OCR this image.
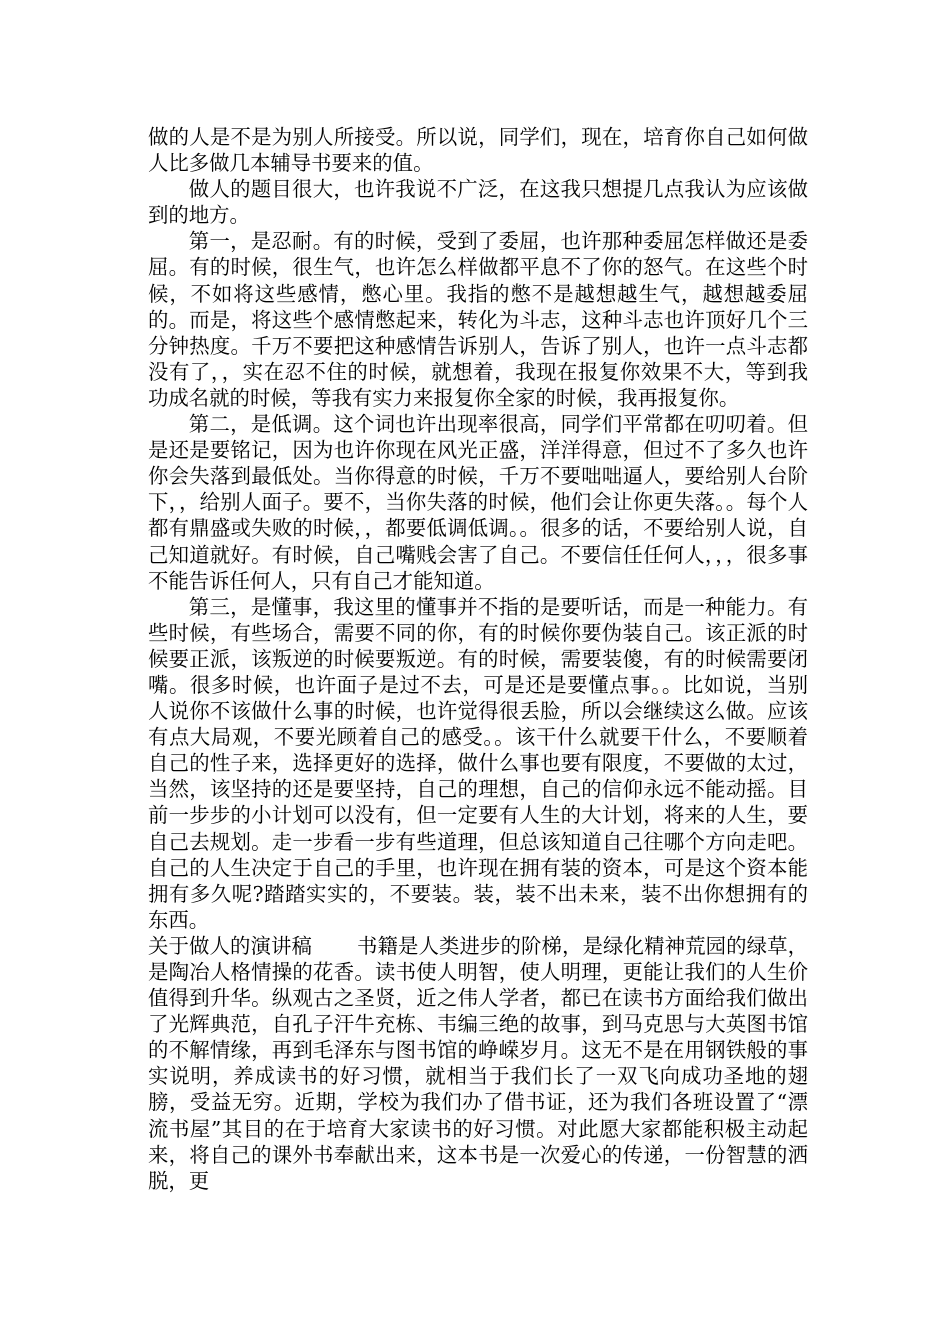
做的人是不是为别人所接受。所以说，同学们，现在，培育你自己如何做人比多做几本辅导书要来的值。

做人的题目很大，也许我说不广泛，在这我只想提几点我认为应该做到的地方。

第一，是忍耐。有的时候，受到了委屈，也许那种委屈怎样做还是委屈。有的时候，很生气，也许怎么样做都平息不了你的怒气。在这些个时候，不如将这些感情，憋心里。我指的憋不是越想越生气，越想越委屈的。而是，将这些个感情憋起来，转化为斗志，这种斗志也许顶好几个三分钟热度。千万不要把这种感情告诉别人，告诉了别人，也许一点斗志都没有了，，实在忍不住的时候，就想着，我现在报复你效果不大，等到我功成名就的时候，等我有实力来报复你全家的时候，我再报复你。

第二，是低调。这个词也许出现率很高，同学们平常都在叨叨着。但是还是要铭记，因为也许你现在风光正盛，洋洋得意，但过不了多久也许你会失落到最低处。当你得意的时候，千万不要咄咄逼人，要给别人台阶下，，给别人面子。要不，当你失落的时候，他们会让你更失落。。每个人都有鼎盛或失败的时候，，都要低调低调。。很多的话，不要给别人说，自己知道就好。有时候，自己嘴贱会害了自己。不要信任任何人，，，很多事不能告诉任何人，只有自己才能知道。

第三，是懂事，我这里的懂事并不指的是要听话，而是一种能力。有些时候，有些场合，需要不同的你，有的时候你要伪装自己。该正派的时候要正派，该叛逆的时候要叛逆。有的时候，需要装傻，有的时候需要闭嘴。很多时候，也许面子是过不去，可是还是要懂点事。。比如说，当别人说你不该做什么事的时候，也许觉得很丢脸，所以会继续这么做。应该有点大局观，不要光顾着自己的感受。。该干什么就要干什么，不要顺着自己的性子来，选择更好的选择，做什么事也要有限度，不要做的太过，当然，该坚持的还是要坚持，自己的理想，自己的信仰永远不能动摇。目前一步步的小计划可以没有，但一定要有人生的大计划，将来的人生，要自己去规划。走一步看一步有些道理，但总该知道自己往哪个方向走吧。自己的人生决定于自己的手里，也许现在拥有装的资本，可是这个资本能拥有多久呢?踏踏实实的，不要装。装，装不出未来，装不出你想拥有的东西。

关于做人的演讲稿 书籍是人类进步的阶梯，是绿化精神荒园的绿草，是陶冶人格情操的花香。读书使人明智，使人明理，更能让我们的人生价值得到升华。纵观古之圣贤，近之伟人学者，都已在读书方面给我们做出了光辉典范，自孔子汗牛充栋、韦编三绝的故事，到马克思与大英图书馆的不解情缘，再到毛泽东与图书馆的峥嵘岁月。这无不是在用钢铁般的事实说明，养成读书的好习惯，就相当于我们长了一双飞向成功圣地的翅膀，受益无穷。近期，学校为我们办了借书证，还为我们各班设置了“漂流书屋”其目的在于培育大家读书的好习惯。对此愿大家都能积极主动起来，将自己的课外书奉献出来，这本书是一次爱心的传递，一份智慧的洒脱，更
